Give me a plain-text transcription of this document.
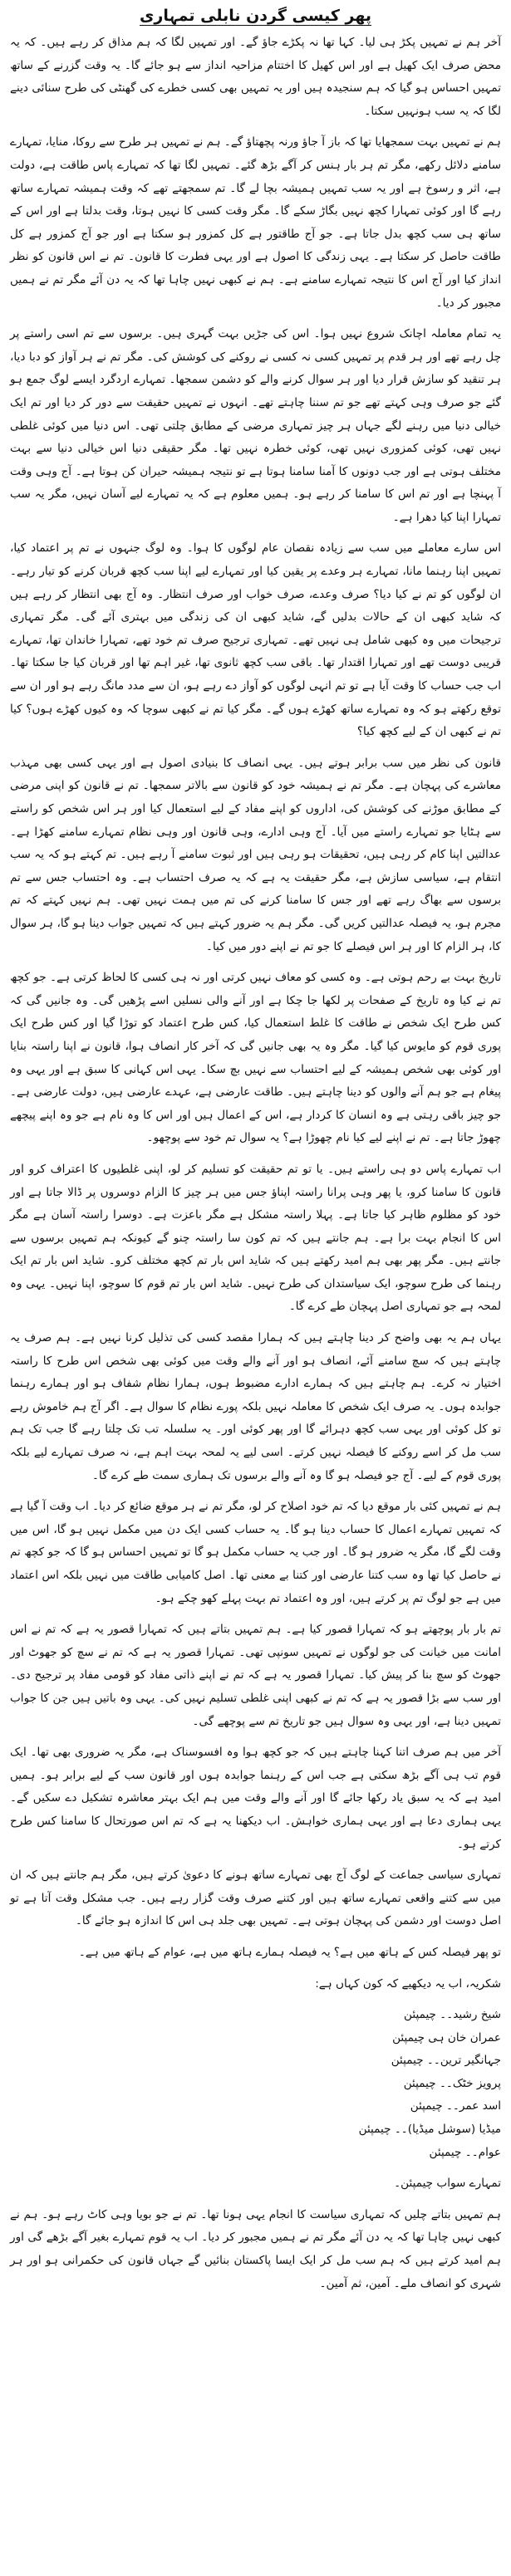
پھر کیسی گردن نابلی تمہاری

آخر ہم نے تمہیں پکڑ ہی لیا۔ کہا تھا نہ پکڑے جاؤ گے۔ اور تمہیں لگا کہ ہم مذاق کر رہے ہیں۔ کہ یہ محض صرف ایک کھیل ہے اور اس کھیل کا اختتام مزاحیہ انداز سے ہو جائے گا۔ یہ وقت گزرنے کے ساتھ تمہیں احساس ہو گیا کہ ہم سنجیدہ ہیں اور یہ تمہیں بھی کسی خطرے کی گھنٹی کی طرح سنائی دینے لگا کہ یہ سب ہونہیں سکتا۔

ہم نے تمہیں بہت سمجھایا تھا کہ باز آ جاؤ ورنہ پچھتاؤ گے۔ ہم نے تمہیں ہر طرح سے روکا، منایا، تمہارے سامنے دلائل رکھے، مگر تم ہر بار ہنس کر آگے بڑھ گئے۔ تمہیں لگا تھا کہ تمہارے پاس طاقت ہے، دولت ہے، اثر و رسوخ ہے اور یہ سب تمہیں ہمیشہ بچا لے گا۔ تم سمجھتے تھے کہ وقت ہمیشہ تمہارے ساتھ رہے گا اور کوئی تمہارا کچھ نہیں بگاڑ سکے گا۔ مگر وقت کسی کا نہیں ہوتا، وقت بدلتا ہے اور اس کے ساتھ ہی سب کچھ بدل جاتا ہے۔ جو آج طاقتور ہے کل کمزور ہو سکتا ہے اور جو آج کمزور ہے کل طاقت حاصل کر سکتا ہے۔ یہی زندگی کا اصول ہے اور یہی فطرت کا قانون۔ تم نے اس قانون کو نظر انداز کیا اور آج اس کا نتیجہ تمہارے سامنے ہے۔ ہم نے کبھی نہیں چاہا تھا کہ یہ دن آئے مگر تم نے ہمیں مجبور کر دیا۔

یہ تمام معاملہ اچانک شروع نہیں ہوا۔ اس کی جڑیں بہت گہری ہیں۔ برسوں سے تم اسی راستے پر چل رہے تھے اور ہر قدم پر تمہیں کسی نہ کسی نے روکنے کی کوشش کی۔ مگر تم نے ہر آواز کو دبا دیا، ہر تنقید کو سازش قرار دیا اور ہر سوال کرنے والے کو دشمن سمجھا۔ تمہارے اردگرد ایسے لوگ جمع ہو گئے جو صرف وہی کہتے تھے جو تم سننا چاہتے تھے۔ انہوں نے تمہیں حقیقت سے دور کر دیا اور تم ایک خیالی دنیا میں رہنے لگے جہاں ہر چیز تمہاری مرضی کے مطابق چلتی تھی۔ اس دنیا میں کوئی غلطی نہیں تھی، کوئی کمزوری نہیں تھی، کوئی خطرہ نہیں تھا۔ مگر حقیقی دنیا اس خیالی دنیا سے بہت مختلف ہوتی ہے اور جب دونوں کا آمنا سامنا ہوتا ہے تو نتیجہ ہمیشہ حیران کن ہوتا ہے۔ آج وہی وقت آ پہنچا ہے اور تم اس کا سامنا کر رہے ہو۔ ہمیں معلوم ہے کہ یہ تمہارے لیے آسان نہیں، مگر یہ سب تمہارا اپنا کیا دھرا ہے۔

اس سارے معاملے میں سب سے زیادہ نقصان عام لوگوں کا ہوا۔ وہ لوگ جنہوں نے تم پر اعتماد کیا، تمہیں اپنا رہنما مانا، تمہارے ہر وعدے پر یقین کیا اور تمہارے لیے اپنا سب کچھ قربان کرنے کو تیار رہے۔ ان لوگوں کو تم نے کیا دیا؟ صرف وعدے، صرف خواب اور صرف انتظار۔ وہ آج بھی انتظار کر رہے ہیں کہ شاید کبھی ان کے حالات بدلیں گے، شاید کبھی ان کی زندگی میں بہتری آئے گی۔ مگر تمہاری ترجیحات میں وہ کبھی شامل ہی نہیں تھے۔ تمہاری ترجیح صرف تم خود تھے، تمہارا خاندان تھا، تمہارے قریبی دوست تھے اور تمہارا اقتدار تھا۔ باقی سب کچھ ثانوی تھا، غیر اہم تھا اور قربان کیا جا سکتا تھا۔ اب جب حساب کا وقت آیا ہے تو تم انہی لوگوں کو آواز دے رہے ہو، ان سے مدد مانگ رہے ہو اور ان سے توقع رکھتے ہو کہ وہ تمہارے ساتھ کھڑے ہوں گے۔ مگر کیا تم نے کبھی سوچا کہ وہ کیوں کھڑے ہوں؟ کیا تم نے کبھی ان کے لیے کچھ کیا؟

قانون کی نظر میں سب برابر ہوتے ہیں۔ یہی انصاف کا بنیادی اصول ہے اور یہی کسی بھی مہذب معاشرے کی پہچان ہے۔ مگر تم نے ہمیشہ خود کو قانون سے بالاتر سمجھا۔ تم نے قانون کو اپنی مرضی کے مطابق موڑنے کی کوشش کی، اداروں کو اپنے مفاد کے لیے استعمال کیا اور ہر اس شخص کو راستے سے ہٹایا جو تمہارے راستے میں آیا۔ آج وہی ادارے، وہی قانون اور وہی نظام تمہارے سامنے کھڑا ہے۔ عدالتیں اپنا کام کر رہی ہیں، تحقیقات ہو رہی ہیں اور ثبوت سامنے آ رہے ہیں۔ تم کہتے ہو کہ یہ سب انتقام ہے، سیاسی سازش ہے، مگر حقیقت یہ ہے کہ یہ صرف احتساب ہے۔ وہ احتساب جس سے تم برسوں سے بھاگ رہے تھے اور جس کا سامنا کرنے کی تم میں ہمت نہیں تھی۔ ہم نہیں کہتے کہ تم مجرم ہو، یہ فیصلہ عدالتیں کریں گی۔ مگر ہم یہ ضرور کہتے ہیں کہ تمہیں جواب دینا ہو گا، ہر سوال کا، ہر الزام کا اور ہر اس فیصلے کا جو تم نے اپنے دور میں کیا۔

تاریخ بہت بے رحم ہوتی ہے۔ وہ کسی کو معاف نہیں کرتی اور نہ ہی کسی کا لحاظ کرتی ہے۔ جو کچھ تم نے کیا وہ تاریخ کے صفحات پر لکھا جا چکا ہے اور آنے والی نسلیں اسے پڑھیں گی۔ وہ جانیں گی کہ کس طرح ایک شخص نے طاقت کا غلط استعمال کیا، کس طرح اعتماد کو توڑا گیا اور کس طرح ایک پوری قوم کو مایوس کیا گیا۔ مگر وہ یہ بھی جانیں گی کہ آخر کار انصاف ہوا، قانون نے اپنا راستہ بنایا اور کوئی بھی شخص ہمیشہ کے لیے احتساب سے نہیں بچ سکا۔ یہی اس کہانی کا سبق ہے اور یہی وہ پیغام ہے جو ہم آنے والوں کو دینا چاہتے ہیں۔ طاقت عارضی ہے، عہدے عارضی ہیں، دولت عارضی ہے۔ جو چیز باقی رہتی ہے وہ انسان کا کردار ہے، اس کے اعمال ہیں اور اس کا وہ نام ہے جو وہ اپنے پیچھے چھوڑ جاتا ہے۔ تم نے اپنے لیے کیا نام چھوڑا ہے؟ یہ سوال تم خود سے پوچھو۔

اب تمہارے پاس دو ہی راستے ہیں۔ یا تو تم حقیقت کو تسلیم کر لو، اپنی غلطیوں کا اعتراف کرو اور قانون کا سامنا کرو، یا پھر وہی پرانا راستہ اپناؤ جس میں ہر چیز کا الزام دوسروں پر ڈالا جاتا ہے اور خود کو مظلوم ظاہر کیا جاتا ہے۔ پہلا راستہ مشکل ہے مگر باعزت ہے۔ دوسرا راستہ آسان ہے مگر اس کا انجام بہت برا ہے۔ ہم جانتے ہیں کہ تم کون سا راستہ چنو گے کیونکہ ہم تمہیں برسوں سے جانتے ہیں۔ مگر پھر بھی ہم امید رکھتے ہیں کہ شاید اس بار تم کچھ مختلف کرو۔ شاید اس بار تم ایک رہنما کی طرح سوچو، ایک سیاستدان کی طرح نہیں۔ شاید اس بار تم قوم کا سوچو، اپنا نہیں۔ یہی وہ لمحہ ہے جو تمہاری اصل پہچان طے کرے گا۔

یہاں ہم یہ بھی واضح کر دینا چاہتے ہیں کہ ہمارا مقصد کسی کی تذلیل کرنا نہیں ہے۔ ہم صرف یہ چاہتے ہیں کہ سچ سامنے آئے، انصاف ہو اور آنے والے وقت میں کوئی بھی شخص اس طرح کا راستہ اختیار نہ کرے۔ ہم چاہتے ہیں کہ ہمارے ادارے مضبوط ہوں، ہمارا نظام شفاف ہو اور ہمارے رہنما جوابدہ ہوں۔ یہ صرف ایک شخص کا معاملہ نہیں بلکہ پورے نظام کا سوال ہے۔ اگر آج ہم خاموش رہے تو کل کوئی اور یہی سب کچھ دہرائے گا اور پھر کوئی اور۔ یہ سلسلہ تب تک چلتا رہے گا جب تک ہم سب مل کر اسے روکنے کا فیصلہ نہیں کرتے۔ اسی لیے یہ لمحہ بہت اہم ہے، نہ صرف تمہارے لیے بلکہ پوری قوم کے لیے۔ آج جو فیصلہ ہو گا وہ آنے والے برسوں تک ہماری سمت طے کرے گا۔

ہم نے تمہیں کئی بار موقع دیا کہ تم خود اصلاح کر لو، مگر تم نے ہر موقع ضائع کر دیا۔ اب وقت آ گیا ہے کہ تمہیں تمہارے اعمال کا حساب دینا ہو گا۔ یہ حساب کسی ایک دن میں مکمل نہیں ہو گا، اس میں وقت لگے گا، مگر یہ ضرور ہو گا۔ اور جب یہ حساب مکمل ہو گا تو تمہیں احساس ہو گا کہ جو کچھ تم نے حاصل کیا تھا وہ سب کتنا عارضی اور کتنا بے معنی تھا۔ اصل کامیابی طاقت میں نہیں بلکہ اس اعتماد میں ہے جو لوگ تم پر کرتے ہیں، اور وہ اعتماد تم بہت پہلے کھو چکے ہو۔

تم بار بار پوچھتے ہو کہ تمہارا قصور کیا ہے۔ ہم تمہیں بتاتے ہیں کہ تمہارا قصور یہ ہے کہ تم نے اس امانت میں خیانت کی جو لوگوں نے تمہیں سونپی تھی۔ تمہارا قصور یہ ہے کہ تم نے سچ کو جھوٹ اور جھوٹ کو سچ بنا کر پیش کیا۔ تمہارا قصور یہ ہے کہ تم نے اپنے ذاتی مفاد کو قومی مفاد پر ترجیح دی۔ اور سب سے بڑا قصور یہ ہے کہ تم نے کبھی اپنی غلطی تسلیم نہیں کی۔ یہی وہ باتیں ہیں جن کا جواب تمہیں دینا ہے، اور یہی وہ سوال ہیں جو تاریخ تم سے پوچھے گی۔

آخر میں ہم صرف اتنا کہنا چاہتے ہیں کہ جو کچھ ہوا وہ افسوسناک ہے، مگر یہ ضروری بھی تھا۔ ایک قوم تب ہی آگے بڑھ سکتی ہے جب اس کے رہنما جوابدہ ہوں اور قانون سب کے لیے برابر ہو۔ ہمیں امید ہے کہ یہ سبق یاد رکھا جائے گا اور آنے والے وقت میں ہم ایک بہتر معاشرہ تشکیل دے سکیں گے۔ یہی ہماری دعا ہے اور یہی ہماری خواہش۔ اب دیکھنا یہ ہے کہ تم اس صورتحال کا سامنا کس طرح کرتے ہو۔

تمہاری سیاسی جماعت کے لوگ آج بھی تمہارے ساتھ ہونے کا دعویٰ کرتے ہیں، مگر ہم جانتے ہیں کہ ان میں سے کتنے واقعی تمہارے ساتھ ہیں اور کتنے صرف وقت گزار رہے ہیں۔ جب مشکل وقت آتا ہے تو اصل دوست اور دشمن کی پہچان ہوتی ہے۔ تمہیں بھی جلد ہی اس کا اندازہ ہو جائے گا۔

تو پھر فیصلہ کس کے ہاتھ میں ہے؟ یہ فیصلہ ہمارے ہاتھ میں ہے، عوام کے ہاتھ میں ہے۔

شکریہ، اب یہ دیکھیے کہ کون کہاں ہے:

شیخ رشید۔۔ چیمپئن
عمران خان ہی چیمپئن
جہانگیر ترین۔۔ چیمپئن
پرویز خٹک۔۔ چیمپئن
اسد عمر۔۔ چیمپئن
میڈیا (سوشل میڈیا)۔۔ چیمپئن
عوام۔۔ چیمپئن

تمہارے سواب چیمپئن۔

ہم تمہیں بتاتے چلیں کہ تمہاری سیاست کا انجام یہی ہونا تھا۔ تم نے جو بویا وہی کاٹ رہے ہو۔ ہم نے کبھی نہیں چاہا تھا کہ یہ دن آئے مگر تم نے ہمیں مجبور کر دیا۔ اب یہ قوم تمہارے بغیر آگے بڑھے گی اور ہم امید کرتے ہیں کہ ہم سب مل کر ایک ایسا پاکستان بنائیں گے جہاں قانون کی حکمرانی ہو اور ہر شہری کو انصاف ملے۔ آمین، ثم آمین۔
